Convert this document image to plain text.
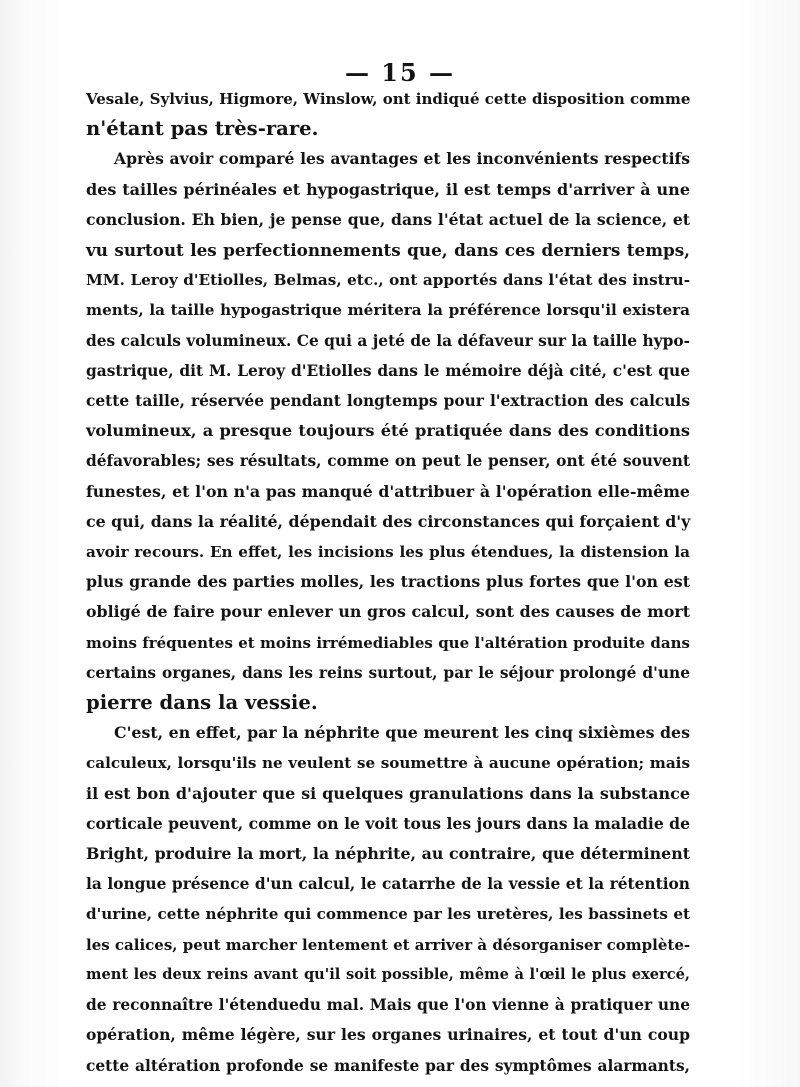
— 15 —
Vesale, Sylvius, Higmore, Winslow, ont indiqué cette disposition comme
n'étant pas très-rare.
Après avoir comparé les avantages et les inconvénients respectifs
des tailles périnéales et hypogastrique, il est temps d'arriver à une
conclusion. Eh bien, je pense que, dans l'état actuel de la science, et
vu surtout les perfectionnements que, dans ces derniers temps,
MM. Leroy d'Etiolles, Belmas, etc., ont apportés dans l'état des instru-
ments, la taille hypogastrique méritera la préférence lorsqu'il existera
des calculs volumineux. Ce qui a jeté de la défaveur sur la taille hypo-
gastrique, dit M. Leroy d'Etiolles dans le mémoire déjà cité, c'est que
cette taille, réservée pendant longtemps pour l'extraction des calculs
volumineux, a presque toujours été pratiquée dans des conditions
défavorables; ses résultats, comme on peut le penser, ont été souvent
funestes, et l'on n'a pas manqué d'attribuer à l'opération elle-même
ce qui, dans la réalité, dépendait des circonstances qui forçaient d'y
avoir recours. En effet, les incisions les plus étendues, la distension la
plus grande des parties molles, les tractions plus fortes que l'on est
obligé de faire pour enlever un gros calcul, sont des causes de mort
moins fréquentes et moins irrémediables que l'altération produite dans
certains organes, dans les reins surtout, par le séjour prolongé d'une
pierre dans la vessie.
C'est, en effet, par la néphrite que meurent les cinq sixièmes des
calculeux, lorsqu'ils ne veulent se soumettre à aucune opération; mais
il est bon d'ajouter que si quelques granulations dans la substance
corticale peuvent, comme on le voit tous les jours dans la maladie de
Bright, produire la mort, la néphrite, au contraire, que déterminent
la longue présence d'un calcul, le catarrhe de la vessie et la rétention
d'urine, cette néphrite qui commence par les uretères, les bassinets et
les calices, peut marcher lentement et arriver à désorganiser complète-
ment les deux reins avant qu'il soit possible, même à l'œil le plus exercé,
de reconnaître l'étenduedu mal. Mais que l'on vienne à pratiquer une
opération, même légère, sur les organes urinaires, et tout d'un coup
cette altération profonde se manifeste par des symptômes alarmants,
